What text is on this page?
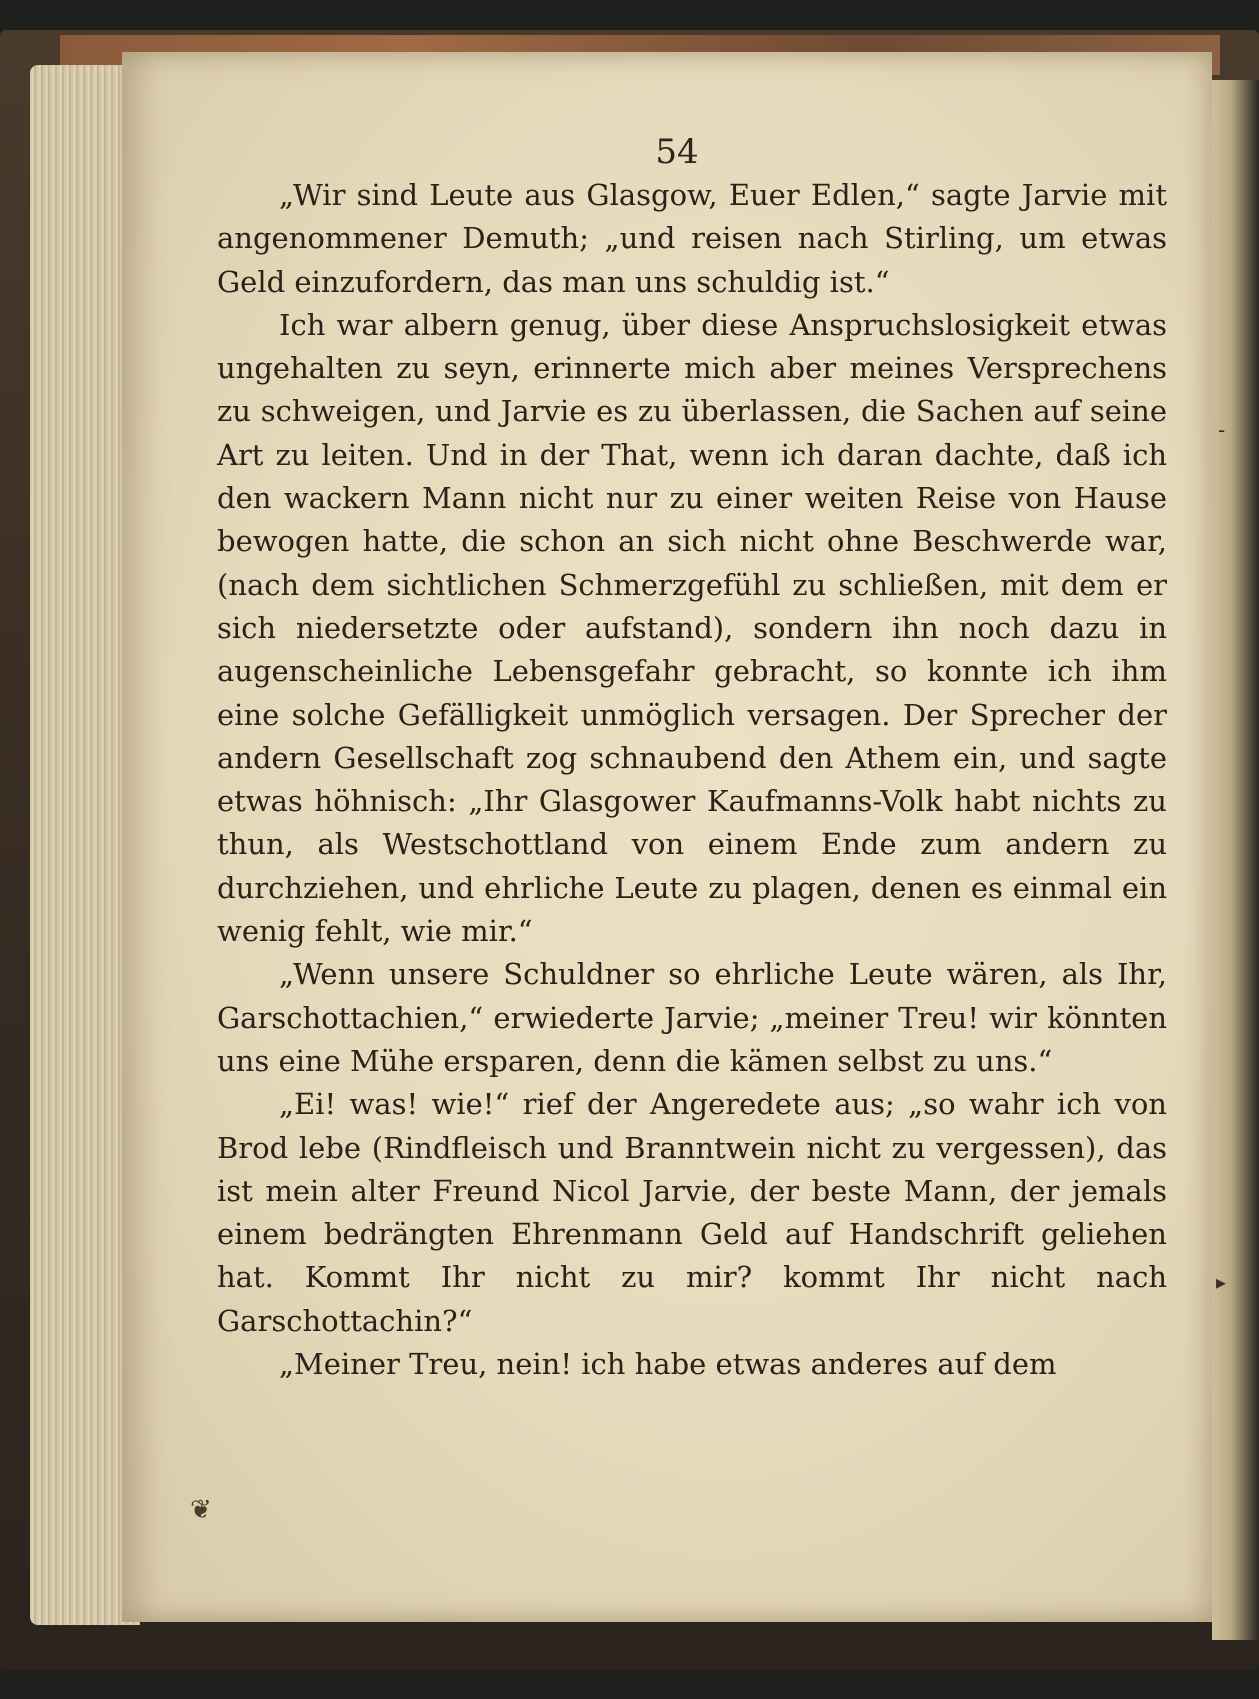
54

„Wir sind Leute aus Glasgow, Euer Edlen,“ sagte Jarvie mit angenommener Demuth; „und reisen nach Stirling, um etwas Geld einzufordern, das man uns schuldig ist.“

Ich war albern genug, über diese Anspruchslosigkeit etwas ungehalten zu seyn, erinnerte mich aber meines Versprechens zu schweigen, und Jarvie es zu überlassen, die Sachen auf seine Art zu leiten. Und in der That, wenn ich daran dachte, daß ich den wackern Mann nicht nur zu einer weiten Reise von Hause bewogen hatte, die schon an sich nicht ohne Beschwerde war, (nach dem sichtlichen Schmerzgefühl zu schließen, mit dem er sich niedersetzte oder aufstand), sondern ihn noch dazu in augenscheinliche Lebensgefahr gebracht, so konnte ich ihm eine solche Gefälligkeit unmöglich versagen. Der Sprecher der andern Gesellschaft zog schnaubend den Athem ein, und sagte etwas höhnisch: „Ihr Glasgower Kaufmanns-Volk habt nichts zu thun, als Westschottland von einem Ende zum andern zu durchziehen, und ehrliche Leute zu plagen, denen es einmal ein wenig fehlt, wie mir.“

„Wenn unsere Schuldner so ehrliche Leute wären, als Ihr, Garschottachien,“ erwiederte Jarvie; „meiner Treu! wir könnten uns eine Mühe ersparen, denn die kämen selbst zu uns.“

„Ei! was! wie!“ rief der Angeredete aus; „so wahr ich von Brod lebe (Rindfleisch und Branntwein nicht zu vergessen), das ist mein alter Freund Nicol Jarvie, der beste Mann, der jemals einem bedrängten Ehrenmann Geld auf Handschrift geliehen hat. Kommt Ihr nicht zu mir? kommt Ihr nicht nach Garschottachin?“

„Meiner Treu, nein! ich habe etwas anderes auf dem

❦
-
▸
